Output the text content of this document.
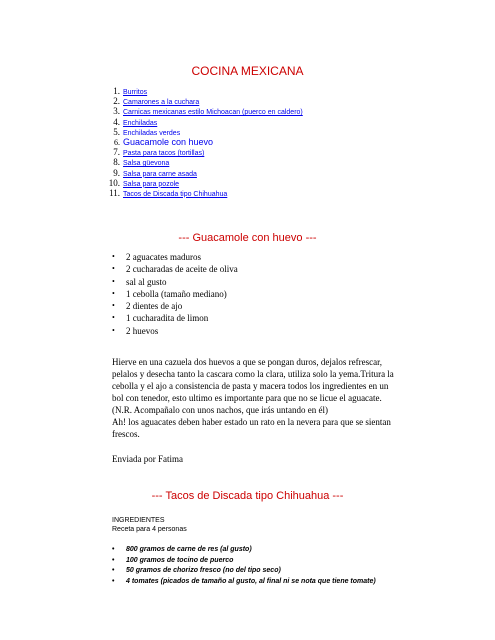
COCINA MEXICANA
1. Burritos
2. Camarones a la cuchara
3. Carnicas mexicanas estilo Michoacan (puerco en caldero)
4. Enchiladas
5. Enchiladas verdes
6. Guacamole con huevo
7. Pasta para tacos (tortillas)
8. Salsa güevona
9. Salsa para carne asada
10. Salsa para pozole
11. Tacos de Discada tipo Chihuahua
--- Guacamole con huevo ---
• 2 aguacates maduros
• 2 cucharadas de aceite de oliva
• sal al gusto
• 1 cebolla (tamaño mediano)
• 2 dientes de ajo
• 1 cucharadita de limon
• 2 huevos

Hierve en una cazuela dos huevos a que se pongan duros, dejalos refrescar, pelalos y desecha tanto la cascara como la clara, utiliza solo la yema.Tritura la cebolla y el ajo a consistencia de pasta y macera todos los ingredientes en un bol con tenedor, esto ultimo es importante para que no se licue el aguacate. (N.R. Acompañalo con unos nachos, que irás untando en él)

Ah! los aguacates deben haber estado un rato en la nevera para que se sientan frescos.

Enviada por Fatima

--- Tacos de Discada tipo Chihuahua ---
INGREDIENTES
Receta para 4 personas
• 800 gramos de carne de res (al gusto)
• 100 gramos de tocino de puerco
• 50 gramos de chorizo fresco (no del tipo seco)
• 4 tomates (picados de tamaño al gusto, al final ni se nota que tiene tomate)
